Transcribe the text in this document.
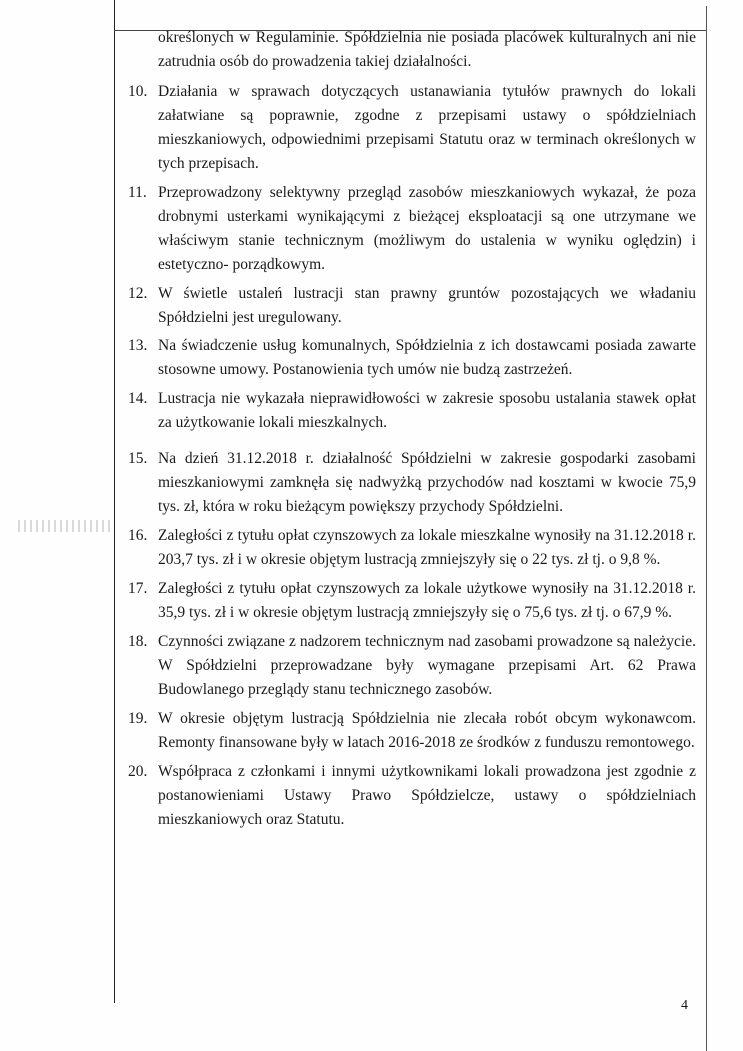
określonych w Regulaminie. Spółdzielnia nie posiada placówek kulturalnych ani nie zatrudnia osób do prowadzenia takiej działalności.
10. Działania w sprawach dotyczących ustanawiania tytułów prawnych do lokali załatwiane są poprawnie, zgodne z przepisami ustawy o spółdzielniach mieszkaniowych, odpowiednimi przepisami Statutu oraz w terminach określonych w tych przepisach.
11. Przeprowadzony selektywny przegląd zasobów mieszkaniowych wykazał, że poza drobnymi usterkami wynikającymi z bieżącej eksploatacji są one utrzymane we właściwym stanie technicznym (możliwym do ustalenia w wyniku oględzin) i estetyczno- porządkowym.
12. W świetle ustaleń lustracji stan prawny gruntów pozostających we władaniu Spółdzielni jest uregulowany.
13. Na świadczenie usług komunalnych, Spółdzielnia z ich dostawcami posiada zawarte stosowne umowy. Postanowienia tych umów nie budzą zastrzeżeń.
14. Lustracja nie wykazała nieprawidłowości w zakresie sposobu ustalania stawek opłat za użytkowanie lokali mieszkalnych.
15. Na dzień 31.12.2018 r. działalność Spółdzielni w zakresie gospodarki zasobami mieszkaniowymi zamknęła się nadwyżką przychodów nad kosztami w kwocie 75,9 tys. zł, która w roku bieżącym powiększy przychody Spółdzielni.
16. Zaległości z tytułu opłat czynszowych za lokale mieszkalne wynosiły na 31.12.2018 r. 203,7 tys. zł i w okresie objętym lustracją zmniejszyły się o 22 tys. zł tj. o 9,8 %.
17. Zaległości z tytułu opłat czynszowych za lokale użytkowe wynosiły na 31.12.2018 r. 35,9 tys. zł i w okresie objętym lustracją zmniejszyły się o 75,6 tys. zł tj. o 67,9 %.
18. Czynności związane z nadzorem technicznym nad zasobami prowadzone są należycie. W Spółdzielni przeprowadzane były wymagane przepisami Art. 62 Prawa Budowlanego przeglądy stanu technicznego zasobów.
19. W okresie objętym lustracją Spółdzielnia nie zlecała robót obcym wykonawcom. Remonty finansowane były w latach 2016-2018 ze środków z funduszu remontowego.
20. Współpraca z członkami i innymi użytkownikami lokali prowadzona jest zgodnie z postanowieniami Ustawy Prawo Spółdzielcze, ustawy o spółdzielniach mieszkaniowych oraz Statutu.
4
